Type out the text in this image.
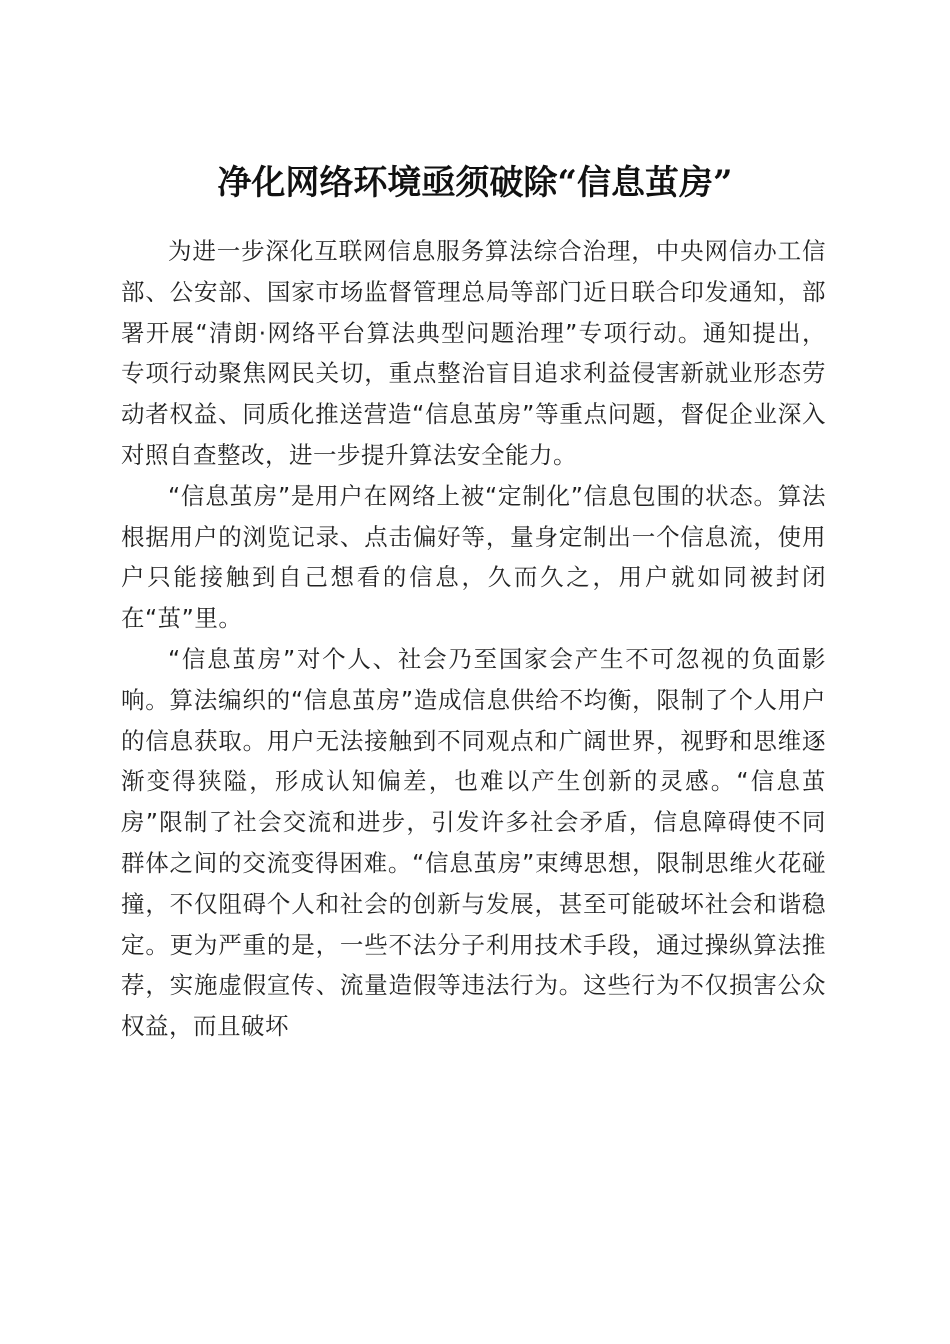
净化网络环境亟须破除“信息茧房”

为进一步深化互联网信息服务算法综合治理，中央网信办工信部、公安部、国家市场监督管理总局等部门近日联合印发通知，部署开展“清朗·网络平台算法典型问题治理”专项行动。通知提出，专项行动聚焦网民关切，重点整治盲目追求利益侵害新就业形态劳动者权益、同质化推送营造“信息茧房”等重点问题，督促企业深入对照自查整改，进一步提升算法安全能力。

“信息茧房”是用户在网络上被“定制化”信息包围的状态。算法根据用户的浏览记录、点击偏好等，量身定制出一个信息流，使用户只能接触到自己想看的信息，久而久之，用户就如同被封闭在“茧”里。

“信息茧房”对个人、社会乃至国家会产生不可忽视的负面影响。算法编织的“信息茧房”造成信息供给不均衡，限制了个人用户的信息获取。用户无法接触到不同观点和广阔世界，视野和思维逐渐变得狭隘，形成认知偏差，也难以产生创新的灵感。“信息茧房”限制了社会交流和进步，引发许多社会矛盾，信息障碍使不同群体之间的交流变得困难。“信息茧房”束缚思想，限制思维火花碰撞，不仅阻碍个人和社会的创新与发展，甚至可能破坏社会和谐稳定。更为严重的是，一些不法分子利用技术手段，通过操纵算法推荐，实施虚假宣传、流量造假等违法行为。这些行为不仅损害公众权益，而且破坏
